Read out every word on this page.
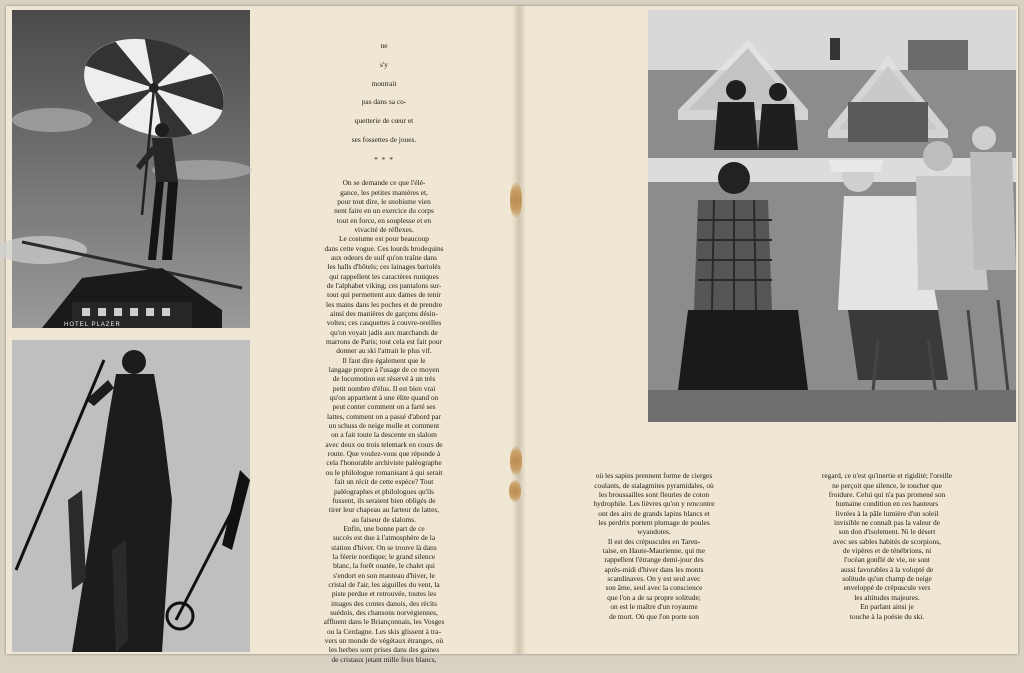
HOTEL PLAZER

ne

s'y

montrait

pas dans sa co-

quetterie de cœur et

ses fossettes de joues.

* * *

On se demande ce que l'élé-

gance, les petites manières et,

pour tout dire, le snobisme vien

nent faire en un exercice du corps

tout en force, en souplesse et en

vivacité de réflexes.

Le costume est pour beaucoup

dans cette vogue. Ces lourds brodequins

aux odeurs de suif qu'on traîne dans

les halls d'hôtels; ces lainages bariolés

qui rappellent les caractères runiques

de l'alphabet viking; ces pantalons sur-

tout qui permettent aux dames de tenir

les mains dans les poches et de prendre

ainsi des manières de garçons désin-

voltes; ces casquettes à couvre-oreilles

qu'on voyait jadis aux marchands de

marrons de Paris; tout cela est fait pour

donner au ski l'attrait le plus vif.

Il faut dire également que le

langage propre à l'usage de ce moyen

de locomotion est réservé à un très

petit nombre d'élus. Il est bien vrai

qu'on appartient à une élite quand on

peut conter comment on a farté ses

lattes, comment on a passé d'abord par

un schuss de neige molle et comment

on a fait toute la descente en slalom

avec deux ou trois telemark en cours de

route. Que voulez-vous que réponde à

cela l'honorable archiviste paléographe

ou le philologue romanisant à qui serait

fait un récit de cette espèce? Tout

paléographes et philologues qu'ils

fussent, ils seraient bien obligés de

tirer leur chapeau au farteur de lattes,

au faiseur de slaloms.

Enfin, une bonne part de ce

succès est due à l'atmosphère de la

station d'hiver. On se trouve là dans

la féerie nordique; le grand silence

blanc, la forêt ouatée, le chalet qui

s'endort en son manteau d'hiver, le

cristal de l'air, les aiguilles du vent, la

piste perdue et retrouvée, toutes les

images des contes danois, des récits

suédois, des chansons norvégiennes,

affluent dans le Briançonnais, les Vosges

ou la Cerdagne. Les skis glissent à tra-

vers un monde de végétaux étranges, où

les herbes sont prises dans des gaines

de cristaux jetant mille feux blancs,

où les sapins prennent forme de cierges

coulants, de stalagmites pyramidales, où

les broussailles sont fleuries de coton

hydrophile. Les lièvres qu'on y rencontre

ont des airs de grands lapins blancs et

les perdrix portent plumage de poules

wyandotes.

Il est des crépuscules en Taren-

taise, en Haute-Maurienne, qui me

rappellent l'étrange demi-jour des

après-midi d'hiver dans les monts

scandinaves. On y est seul avec

son âme, seul avec la conscience

que l'on a de sa propre solitude;

on est le maître d'un royaume

de mort. Où que l'on porte son

regard, ce n'est qu'inertie et rigidité; l'oreille

ne perçoit que silence, le toucher que

froidure. Celui qui n'a pas promené son

humaine condition en ces hauteurs

livrées à la pâle lumière d'un soleil

invisible ne connaît pas la valeur de

son don d'isolement. Ni le désert

avec ses sables habités de scorpions,

de vipères et de ténébrions, ni

l'océan gonflé de vie, ne sont

aussi favorables à la volupté de

solitude qu'un champ de neige

enveloppé de crépuscule vers

les altitudes majeures.

En parlant ainsi je

touche à la poésie du ski.
